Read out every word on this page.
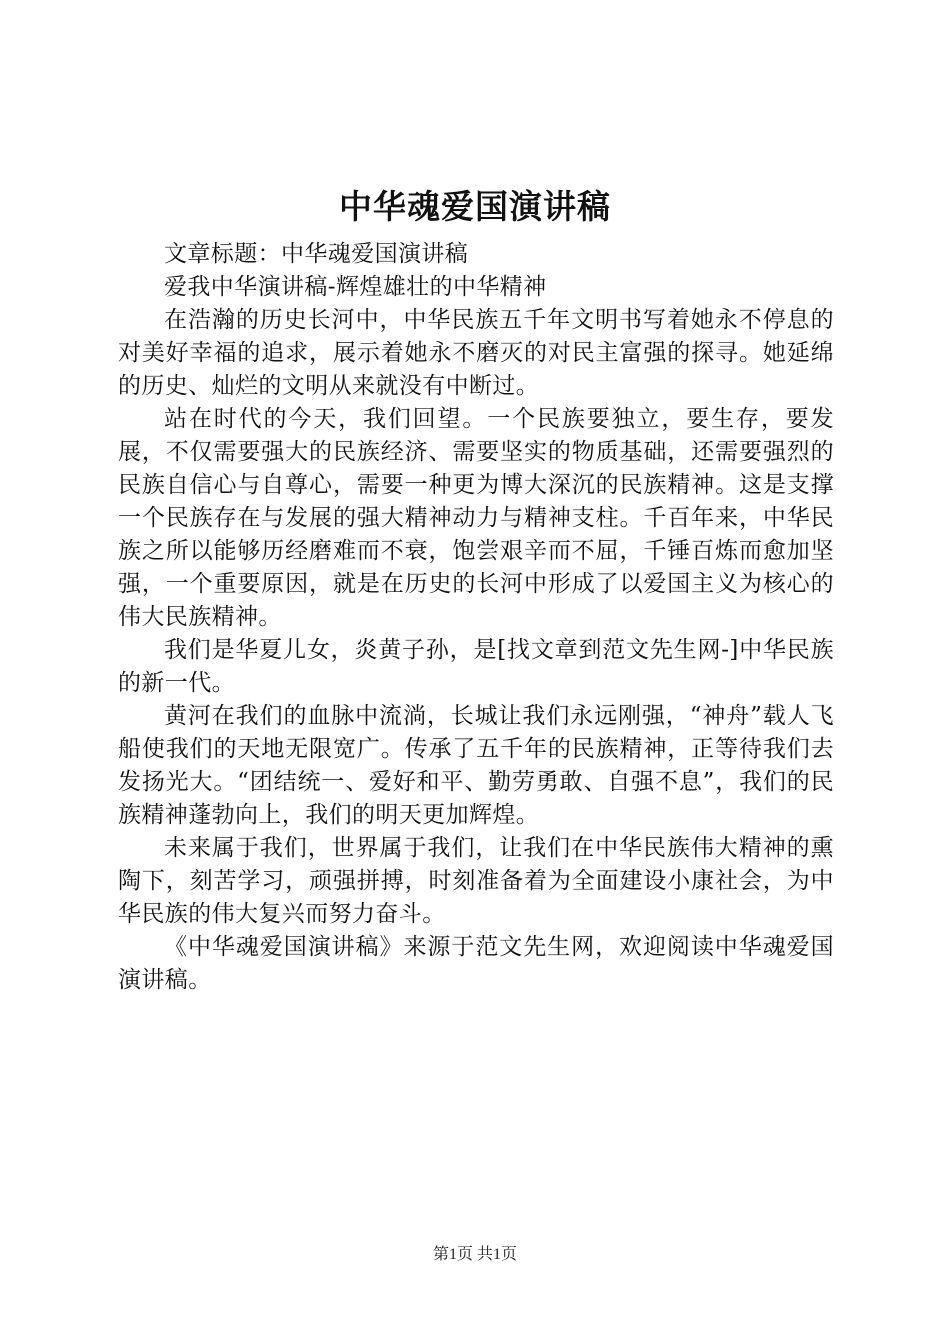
中华魂爱国演讲稿

文章标题：中华魂爱国演讲稿

爱我中华演讲稿-辉煌雄壮的中华精神

在浩瀚的历史长河中，中华民族五千年文明书写着她永不停息的对美好幸福的追求，展示着她永不磨灭的对民主富强的探寻。她延绵的历史、灿烂的文明从来就没有中断过。

站在时代的今天，我们回望。一个民族要独立，要生存，要发展，不仅需要强大的民族经济、需要坚实的物质基础，还需要强烈的民族自信心与自尊心，需要一种更为博大深沉的民族精神。这是支撑一个民族存在与发展的强大精神动力与精神支柱。千百年来，中华民族之所以能够历经磨难而不衰，饱尝艰辛而不屈，千锤百炼而愈加坚强，一个重要原因，就是在历史的长河中形成了以爱国主义为核心的伟大民族精神。

我们是华夏儿女，炎黄子孙，是[找文章到范文先生网-]中华民族的新一代。

黄河在我们的血脉中流淌，长城让我们永远刚强，“神舟”载人飞船使我们的天地无限宽广。传承了五千年的民族精神，正等待我们去发扬光大。“团结统一、爱好和平、勤劳勇敢、自强不息”，我们的民族精神蓬勃向上，我们的明天更加辉煌。

未来属于我们，世界属于我们，让我们在中华民族伟大精神的熏陶下，刻苦学习，顽强拼搏，时刻准备着为全面建设小康社会，为中华民族的伟大复兴而努力奋斗。

《中华魂爱国演讲稿》来源于范文先生网，欢迎阅读中华魂爱国演讲稿。

第1页 共1页
